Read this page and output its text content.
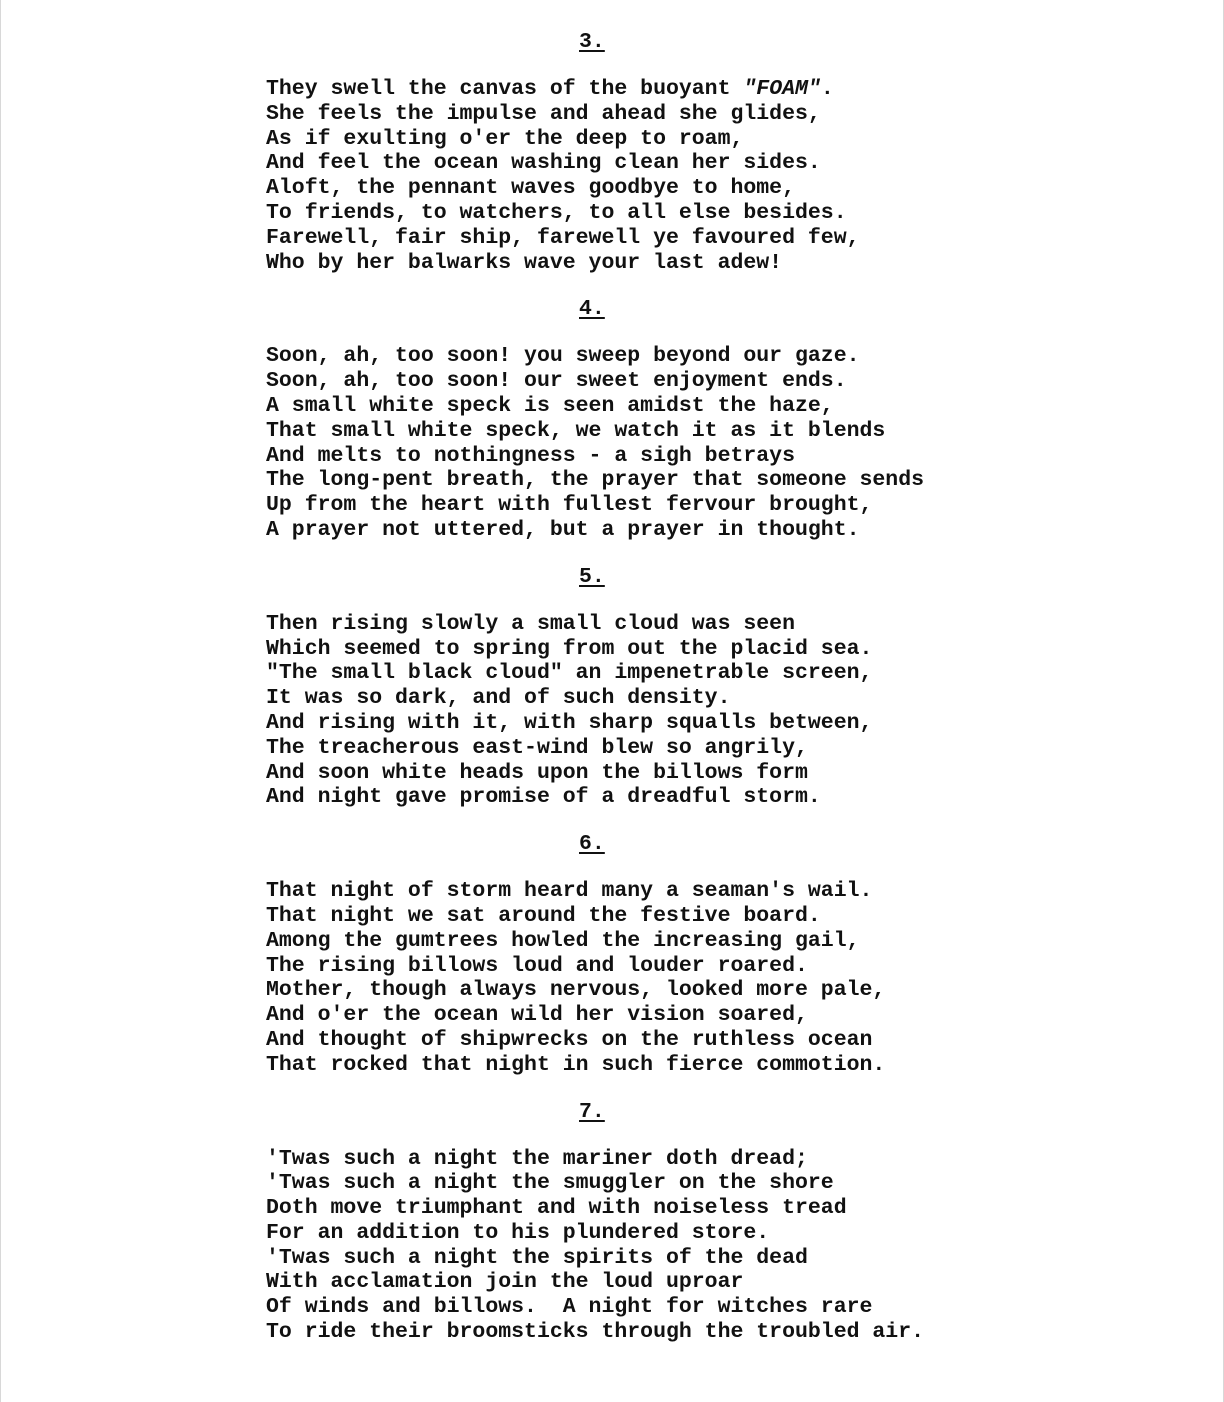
3.
They swell the canvas of the buoyant "FOAM".
She feels the impulse and ahead she glides,
As if exulting o'er the deep to roam,
And feel the ocean washing clean her sides.
Aloft, the pennant waves goodbye to home,
To friends, to watchers, to all else besides.
Farewell, fair ship, farewell ye favoured few,
Who by her balwarks wave your last adew!
4.
Soon, ah, too soon! you sweep beyond our gaze.
Soon, ah, too soon! our sweet enjoyment ends.
A small white speck is seen amidst the haze,
That small white speck, we watch it as it blends
And melts to nothingness - a sigh betrays
The long-pent breath, the prayer that someone sends
Up from the heart with fullest fervour brought,
A prayer not uttered, but a prayer in thought.
5.
Then rising slowly a small cloud was seen
Which seemed to spring from out the placid sea.
"The small black cloud" an impenetrable screen,
It was so dark, and of such density.
And rising with it, with sharp squalls between,
The treacherous east-wind blew so angrily,
And soon white heads upon the billows form
And night gave promise of a dreadful storm.
6.
That night of storm heard many a seaman's wail.
That night we sat around the festive board.
Among the gumtrees howled the increasing gail,
The rising billows loud and louder roared.
Mother, though always nervous, looked more pale,
And o'er the ocean wild her vision soared,
And thought of shipwrecks on the ruthless ocean
That rocked that night in such fierce commotion.
7.
'Twas such a night the mariner doth dread;
'Twas such a night the smuggler on the shore
Doth move triumphant and with noiseless tread
For an addition to his plundered store.
'Twas such a night the spirits of the dead
With acclamation join the loud uproar
Of winds and billows.  A night for witches rare
To ride their broomsticks through the troubled air.
